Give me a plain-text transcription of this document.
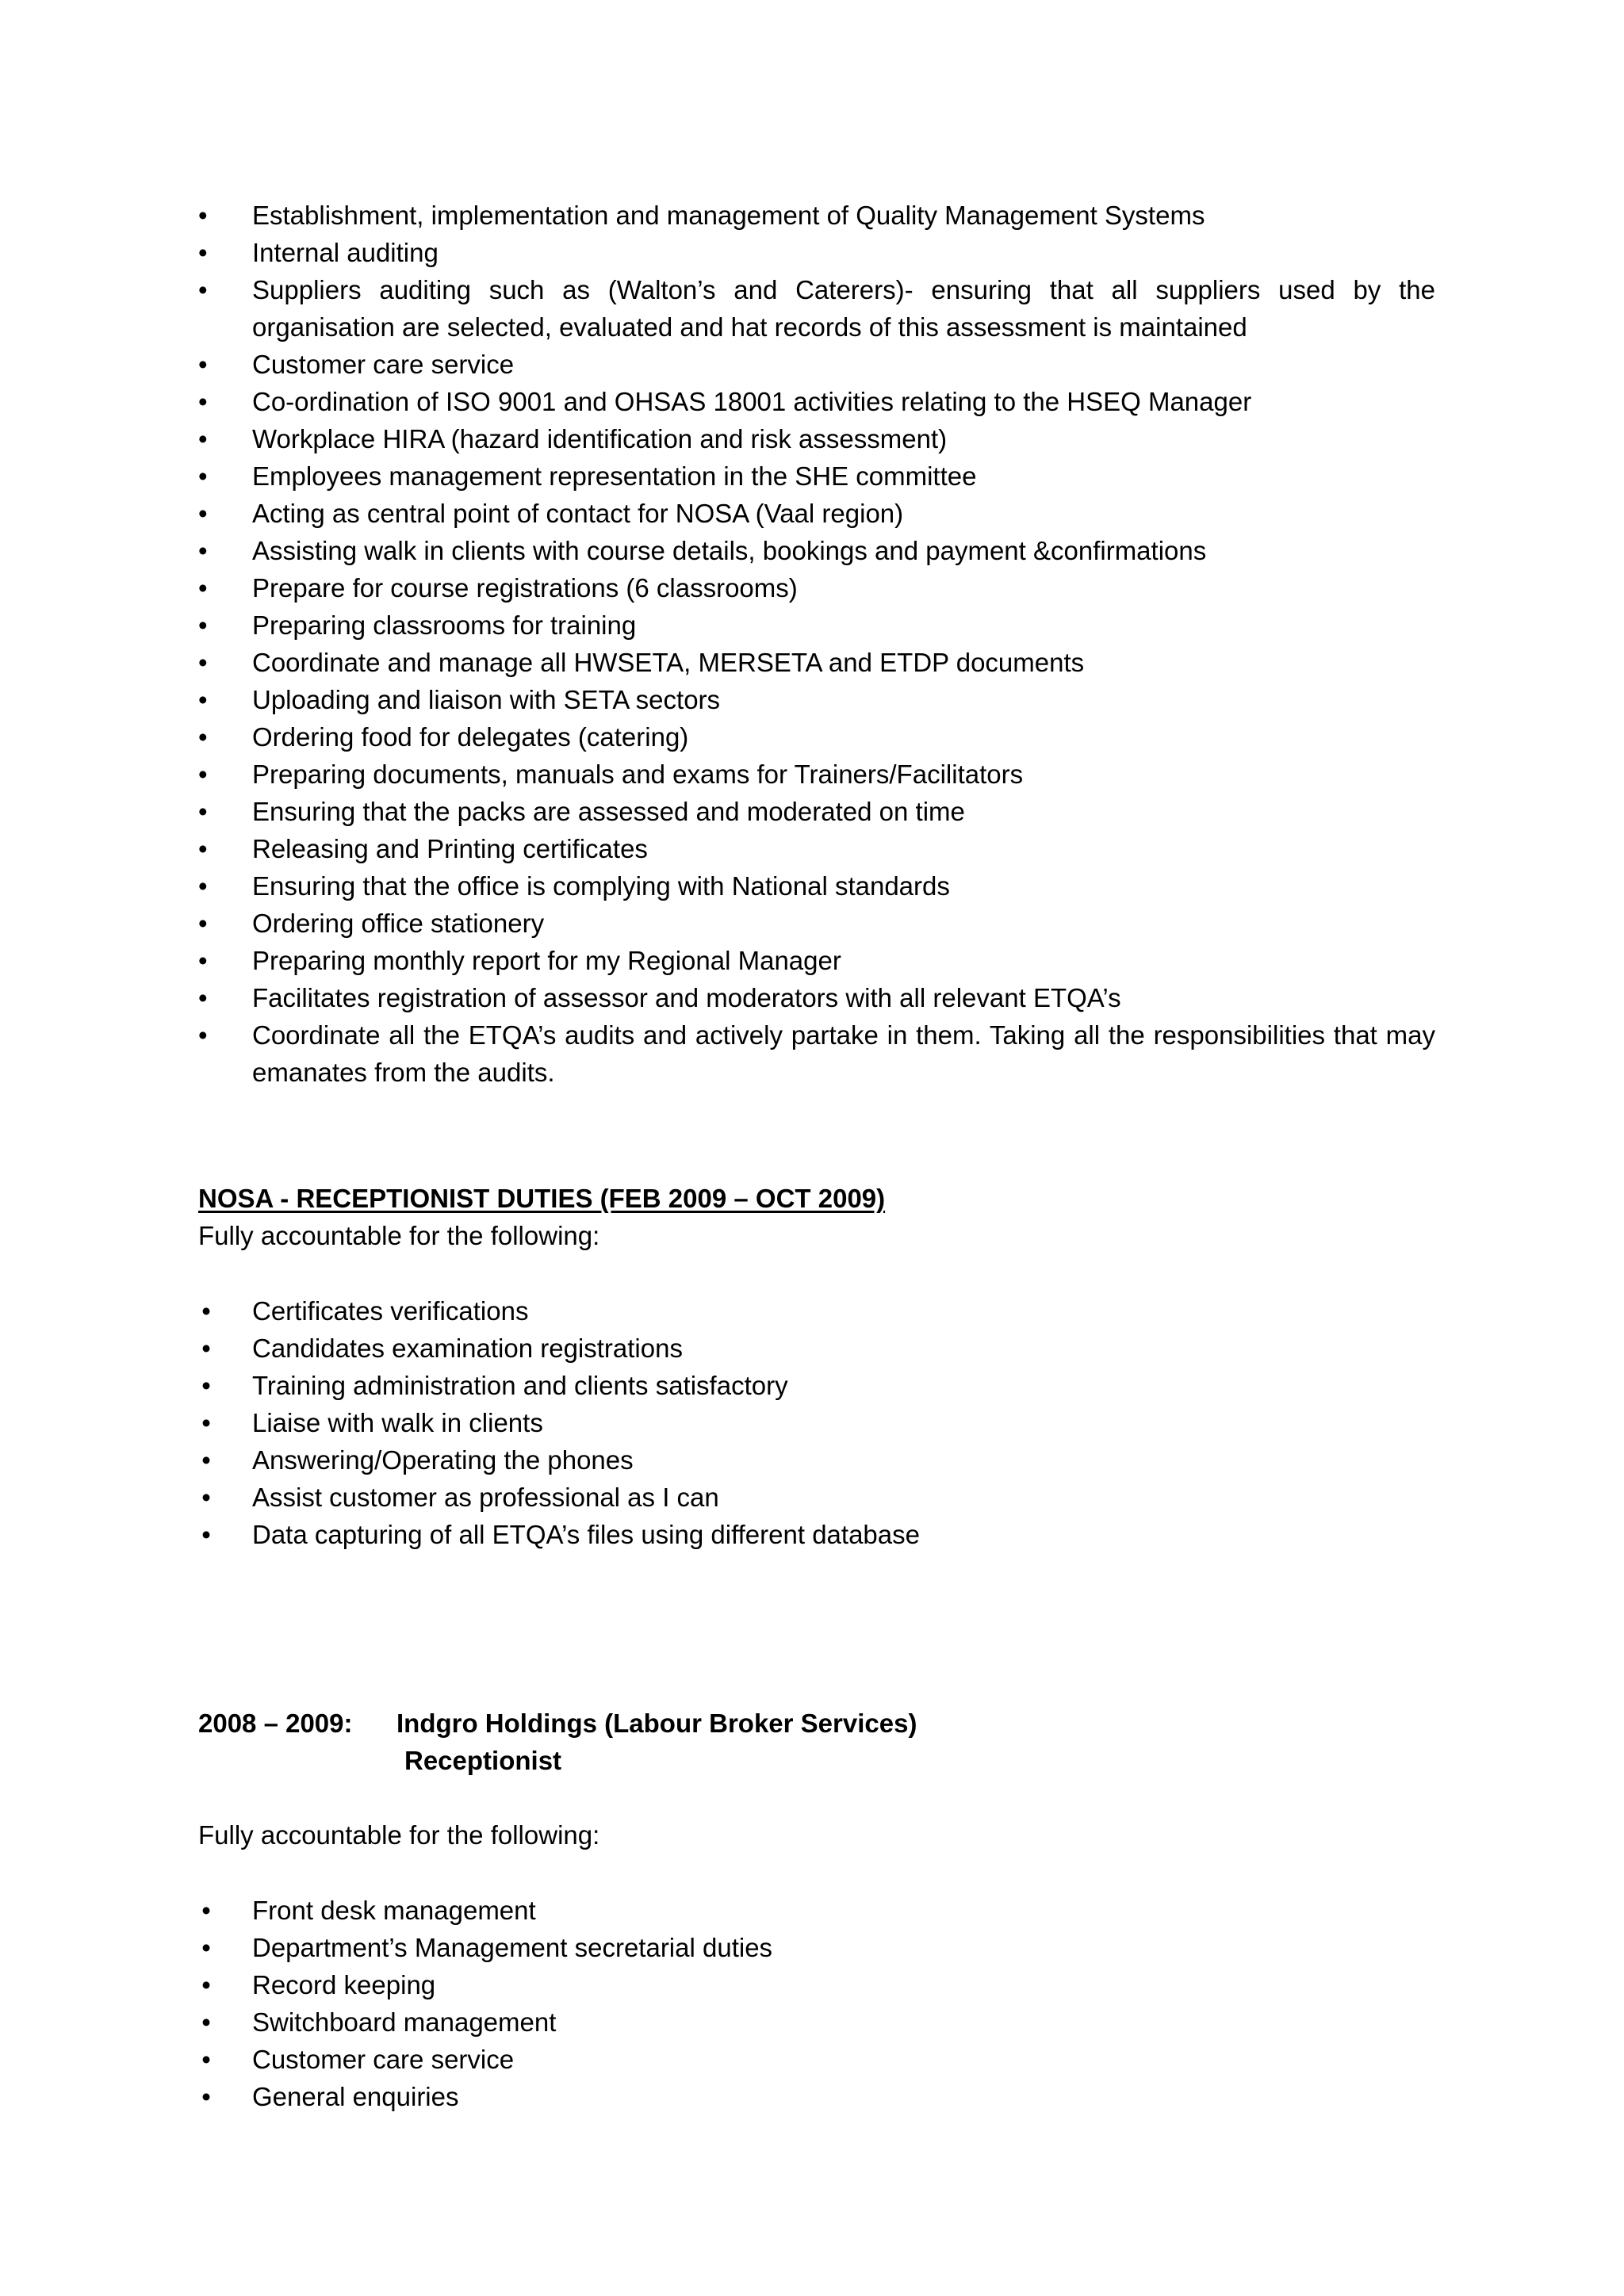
• Establishment, implementation and management of Quality Management Systems
• Internal auditing
• Suppliers auditing such as (Walton’s and Caterers)- ensuring that all suppliers used by the organisation are selected, evaluated and hat records of this assessment is maintained
• Customer care service
• Co-ordination of ISO 9001 and OHSAS 18001 activities relating to the HSEQ Manager
• Workplace HIRA (hazard identification and risk assessment)
• Employees management representation in the SHE committee
• Acting as central point of contact for NOSA (Vaal region)
• Assisting walk in clients with course details, bookings and payment &confirmations
• Prepare for course registrations (6 classrooms)
• Preparing classrooms for training
• Coordinate and manage all HWSETA, MERSETA and ETDP documents
• Uploading and liaison with SETA sectors
• Ordering food for delegates (catering)
• Preparing documents, manuals and exams for Trainers/Facilitators
• Ensuring that the packs are assessed and moderated on time
• Releasing and Printing certificates
• Ensuring that the office is complying with National standards
• Ordering office stationery
• Preparing monthly report for my Regional Manager
• Facilitates registration of assessor and moderators with all relevant ETQA’s
• Coordinate all the ETQA’s audits and actively partake in them. Taking all the responsibilities that may emanates from the audits.
NOSA - RECEPTIONIST DUTIES (FEB 2009 – OCT 2009)
Fully accountable for the following:
• Certificates verifications
• Candidates examination registrations
• Training administration and clients satisfactory
• Liaise with walk in clients
• Answering/Operating the phones
• Assist customer as professional as I can
• Data capturing of all ETQA’s files using different database
2008 – 2009:	Indgro Holdings (Labour Broker Services)
Receptionist
Fully accountable for the following:
• Front desk management
• Department’s Management secretarial duties
• Record keeping
• Switchboard management
• Customer care service
• General enquiries
